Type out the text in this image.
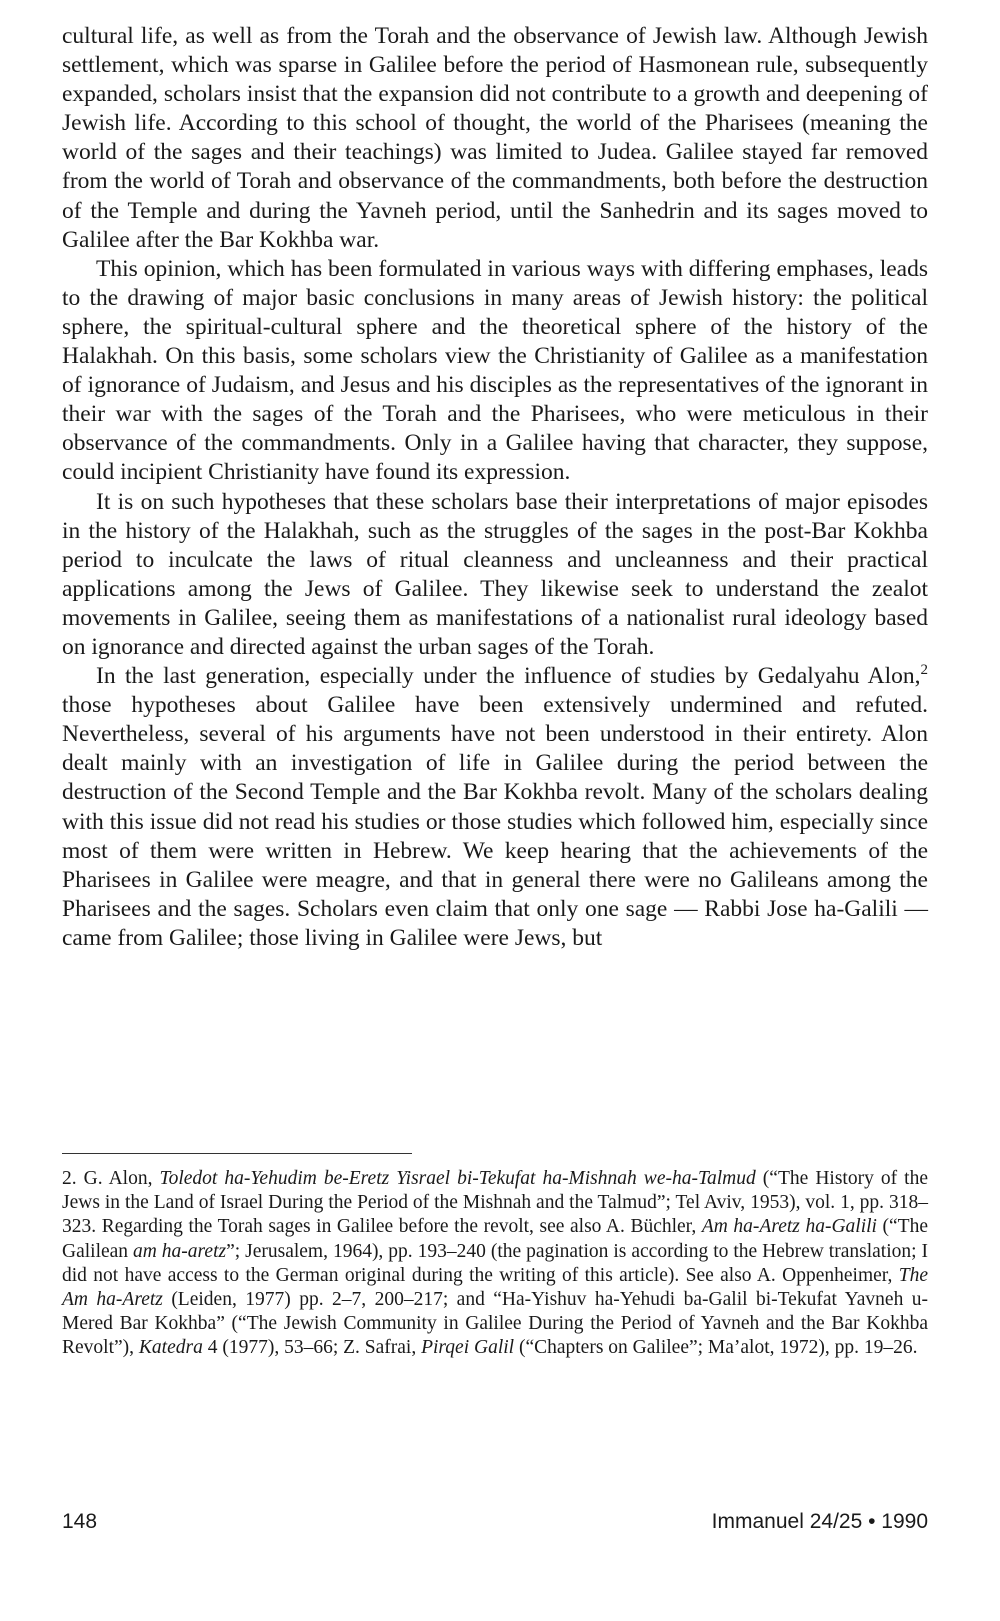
cultural life, as well as from the Torah and the observance of Jewish law. Although Jewish settlement, which was sparse in Galilee before the period of Hasmonean rule, subsequently expanded, scholars insist that the expansion did not contribute to a growth and deepening of Jewish life. According to this school of thought, the world of the Pharisees (meaning the world of the sages and their teachings) was limited to Judea. Galilee stayed far removed from the world of Torah and observance of the commandments, both before the destruction of the Temple and during the Yavneh period, until the Sanhedrin and its sages moved to Galilee after the Bar Kokhba war.

This opinion, which has been formulated in various ways with differing emphases, leads to the drawing of major basic conclusions in many areas of Jewish history: the political sphere, the spiritual-cultural sphere and the theoretical sphere of the history of the Halakhah. On this basis, some scholars view the Christianity of Galilee as a manifestation of ignorance of Judaism, and Jesus and his disciples as the representatives of the ignorant in their war with the sages of the Torah and the Pharisees, who were meticulous in their observance of the commandments. Only in a Galilee having that character, they suppose, could incipient Christianity have found its expression.

It is on such hypotheses that these scholars base their interpretations of major episodes in the history of the Halakhah, such as the struggles of the sages in the post-Bar Kokhba period to inculcate the laws of ritual cleanness and uncleanness and their practical applications among the Jews of Galilee. They likewise seek to understand the zealot movements in Galilee, seeing them as manifestations of a nationalist rural ideology based on ignorance and directed against the urban sages of the Torah.

In the last generation, especially under the influence of studies by Gedalyahu Alon,$^2$ those hypotheses about Galilee have been extensively undermined and refuted. Nevertheless, several of his arguments have not been understood in their entirety. Alon dealt mainly with an investigation of life in Galilee during the period between the destruction of the Second Temple and the Bar Kokhba revolt. Many of the scholars dealing with this issue did not read his studies or those studies which followed him, especially since most of them were written in Hebrew. We keep hearing that the achievements of the Pharisees in Galilee were meagre, and that in general there were no Galileans among the Pharisees and the sages. Scholars even claim that only one sage — Rabbi Jose ha-Galili — came from Galilee; those living in Galilee were Jews, but

2. G. Alon, Toledot ha-Yehudim be-Eretz Yisrael bi-Tekufat ha-Mishnah we-ha-Talmud (“The History of the Jews in the Land of Israel During the Period of the Mishnah and the Talmud”; Tel Aviv, 1953), vol. 1, pp. 318–323. Regarding the Torah sages in Galilee before the revolt, see also A. Büchler, Am ha-Aretz ha-Galili (“The Galilean am ha-aretz”; Jerusalem, 1964), pp. 193–240 (the pagination is according to the Hebrew translation; I did not have access to the German original during the writing of this article). See also A. Oppenheimer, The Am ha-Aretz (Leiden, 1977) pp. 2–7, 200–217; and “Ha-Yishuv ha-Yehudi ba-Galil bi-Tekufat Yavneh u-Mered Bar Kokhba” (“The Jewish Community in Galilee During the Period of Yavneh and the Bar Kokhba Revolt”), Katedra 4 (1977), 53–66; Z. Safrai, Pirqei Galil (“Chapters on Galilee”; Ma’alot, 1972), pp. 19–26.
148	Immanuel 24/25 • 1990
